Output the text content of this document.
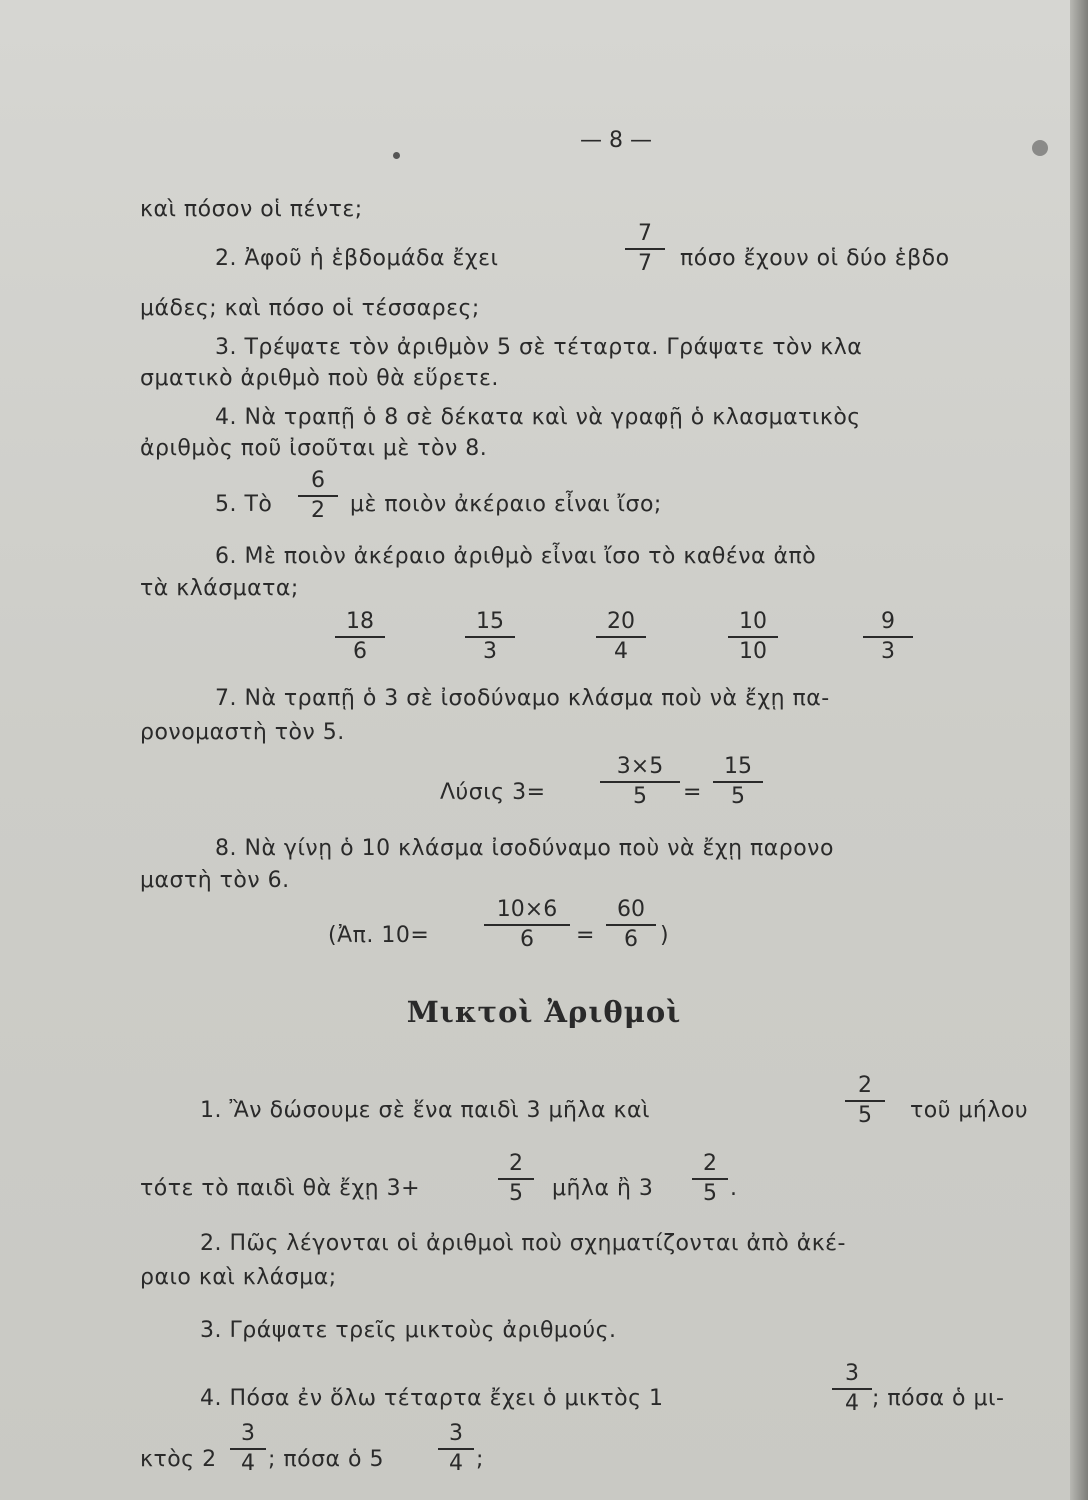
— 8 —
καὶ πόσον οἱ πέντε;
2. Ἀφοῦ ἡ ἑβδομάδα ἔχει
7
7	πόσο ἔχουν οἱ δύο ἑβδο
μάδες; καὶ πόσο οἱ τέσσαρες;
3. Τρέψατε τὸν ἀριθμὸν 5 σὲ τέταρτα. Γράψατε τὸν κλα
σματικὸ ἀριθμὸ ποὺ θὰ εὕρετε.
4. Νὰ τραπῇ ὁ 8 σὲ δέκατα καὶ νὰ γραφῇ ὁ κλασματικὸς
ἀριθμὸς ποῦ ἰσοῦται μὲ τὸν 8.
5. Τὸ
6
2	μὲ ποιὸν ἀκέραιο εἶναι ἴσο;
6. Μὲ ποιὸν ἀκέραιο ἀριθμὸ εἶναι ἴσο τὸ καθένα ἀπὸ
τὰ κλάσματα;
18
6
15
3
20
4
10
10
9
3
7. Νὰ τραπῇ ὁ 3 σὲ ἰσοδύναμο κλάσμα ποὺ νὰ ἔχῃ πα-
ρονομαστὴ τὸν 5.
Λύσις 3=
3×5
5	=
15
5
8. Νὰ γίνῃ ὁ 10 κλάσμα ἰσοδύναμο ποὺ νὰ ἔχῃ παρονο
μαστὴ τὸν 6.
(Ἀπ. 10=
10×6
6	=
60
6	)
Μικτοὶ Ἀριθμοὶ
1. Ἂν δώσουμε σὲ ἕνα παιδὶ 3 μῆλα καὶ
2
5	τοῦ μήλου
τότε τὸ παιδὶ θὰ ἔχῃ 3+
2
5	μῆλα ἢ 3
2
5 .
2. Πῶς λέγονται οἱ ἀριθμοὶ ποὺ σχηματίζονται ἀπὸ ἀκέ-
ραιο καὶ κλάσμα;
3. Γράψατε τρεῖς μικτοὺς ἀριθμούς.
4. Πόσα ἐν ὅλω τέταρτα ἔχει ὁ μικτὸς 1
3
4 ; πόσα ὁ μι-
κτὸς 2
3
4 ; πόσα ὁ 5
3
4 ;
